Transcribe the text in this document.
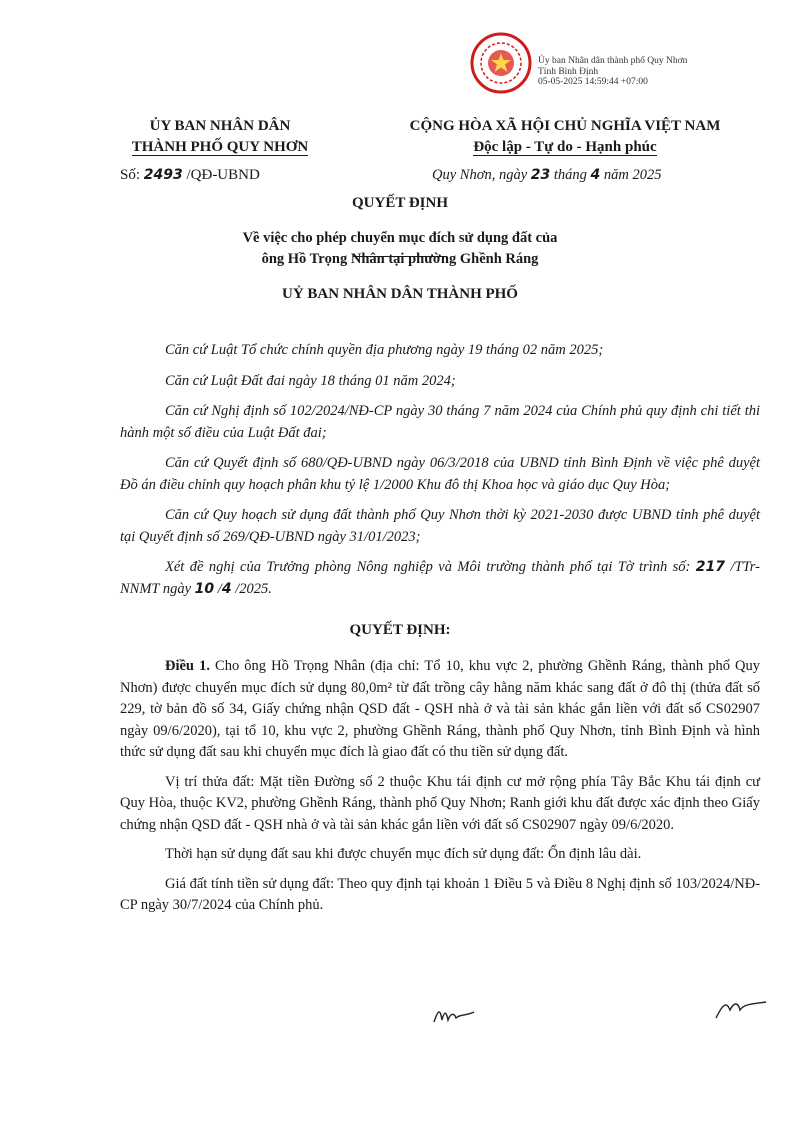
Ủy ban Nhân dân thành phố Quy Nhơn
Tỉnh Bình Định
05-05-2025 14:59:44 +07:00
ỦY BAN NHÂN DÂN
THÀNH PHỐ QUY NHƠN
CỘNG HÒA XÃ HỘI CHỦ NGHĨA VIỆT NAM
Độc lập - Tự do - Hạnh phúc
Số: 2493 /QĐ-UBND	Quy Nhơn, ngày 23 tháng 4 năm 2025
QUYẾT ĐỊNH
Về việc cho phép chuyển mục đích sử dụng đất của
ông Hồ Trọng Nhân tại phường Ghềnh Ráng
UỶ BAN NHÂN DÂN THÀNH PHỐ
Căn cứ Luật Tổ chức chính quyền địa phương ngày 19 tháng 02 năm 2025;
Căn cứ Luật Đất đai ngày 18 tháng 01 năm 2024;
Căn cứ Nghị định số 102/2024/NĐ-CP ngày 30 tháng 7 năm 2024 của Chính phủ quy định chi tiết thi hành một số điều của Luật Đất đai;
Căn cứ Quyết định số 680/QĐ-UBND ngày 06/3/2018 của UBND tỉnh Bình Định về việc phê duyệt Đồ án điều chỉnh quy hoạch phân khu tỷ lệ 1/2000 Khu đô thị Khoa học và giáo dục Quy Hòa;
Căn cứ Quy hoạch sử dụng đất thành phố Quy Nhơn thời kỳ 2021-2030 được UBND tỉnh phê duyệt tại Quyết định số 269/QĐ-UBND ngày 31/01/2023;
Xét đề nghị của Trưởng phòng Nông nghiệp và Môi trường thành phố tại Tờ trình số: 217 /TTr-NNMT ngày 10 /4 /2025.
QUYẾT ĐỊNH:
Điều 1. Cho ông Hồ Trọng Nhân (địa chỉ: Tổ 10, khu vực 2, phường Ghềnh Ráng, thành phố Quy Nhơn) được chuyển mục đích sử dụng 80,0m² từ đất trồng cây hằng năm khác sang đất ở đô thị (thửa đất số 229, tờ bản đồ số 34, Giấy chứng nhận QSD đất - QSH nhà ở và tài sản khác gắn liền với đất số CS02907 ngày 09/6/2020), tại tổ 10, khu vực 2, phường Ghềnh Ráng, thành phố Quy Nhơn, tỉnh Bình Định và hình thức sử dụng đất sau khi chuyển mục đích là giao đất có thu tiền sử dụng đất.
Vị trí thửa đất: Mặt tiền Đường số 2 thuộc Khu tái định cư mở rộng phía Tây Bắc Khu tái định cư Quy Hòa, thuộc KV2, phường Ghềnh Ráng, thành phố Quy Nhơn; Ranh giới khu đất được xác định theo Giấy chứng nhận QSD đất - QSH nhà ở và tài sản khác gắn liền với đất số CS02907 ngày 09/6/2020.
Thời hạn sử dụng đất sau khi được chuyển mục đích sử dụng đất: Ổn định lâu dài.
Giá đất tính tiền sử dụng đất: Theo quy định tại khoản 1 Điều 5 và Điều 8 Nghị định số 103/2024/NĐ-CP ngày 30/7/2024 của Chính phủ.
